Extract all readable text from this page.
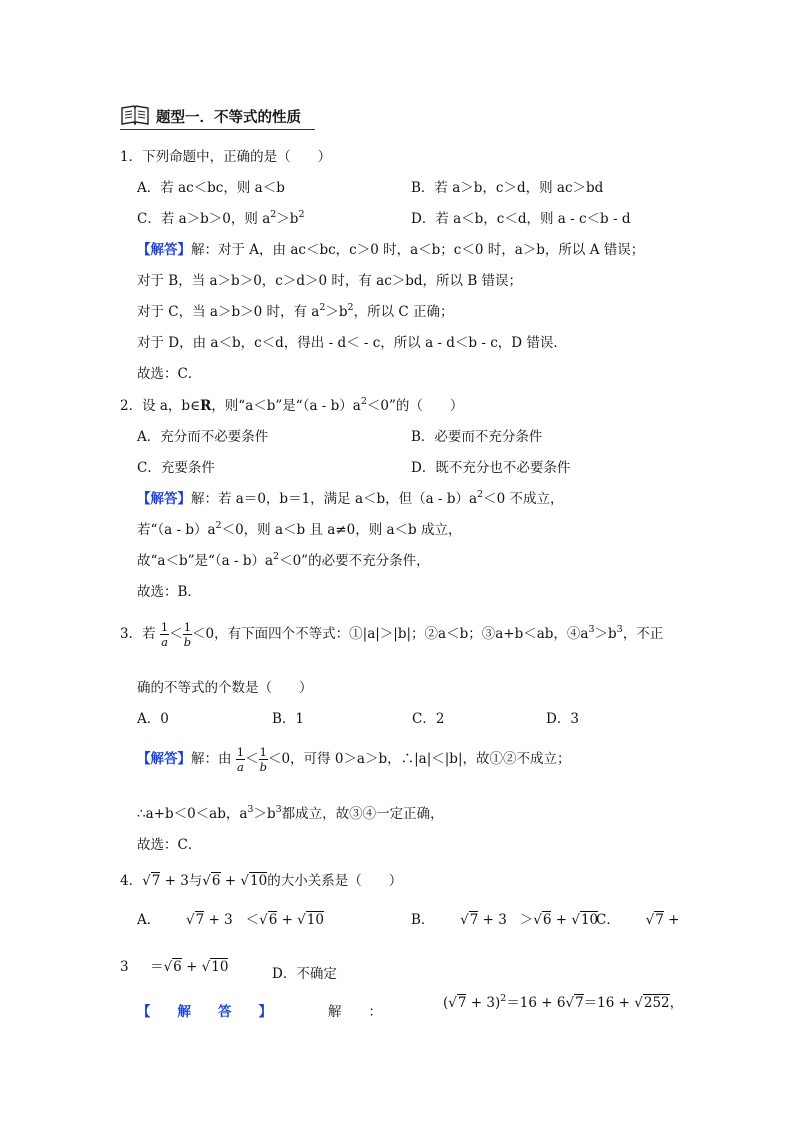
题型一．不等式的性质
1．下列命题中，正确的是（　　）
A．若 ac＜bc，则 a＜b	B．若 a＞b，c＞d，则 ac＞bd
C．若 a＞b＞0，则 $a^2>b^2$	D．若 a＜b，c＜d，则 a - c＜b - d
【解答】解：对于 A，由 ac＜bc，c＞0 时，a＜b；c＜0 时，a＞b，所以 A 错误；
对于 B，当 a＞b＞0，c＞d＞0 时，有 ac＞bd，所以 B 错误；
对于 C，当 a＞b＞0 时，有 $a^2>b^2$，所以 C 正确；
对于 D，由 a＜b，c＜d，得出 - d＜ - c，所以 a - d＜b - c，D 错误．
故选：C．
2．设 a，b∈R，则“a＜b”是“$(a - b)a^2<0$”的（　　）
A．充分而不必要条件	B．必要而不充分条件
C．充要条件	D．既不充分也不必要条件
【解答】解：若 a＝0，b＝1，满足 a＜b，但$(a - b)a^2<0$ 不成立，
若“$(a - b)a^2<0$，则 a＜b 且 a≠0，则 a＜b 成立，
故“a＜b”是“$(a - b)a^2<0$”的必要不充分条件，
故选：B．
3．若 $\frac{1}{a} < \frac{1}{b} <0$，有下面四个不等式：①|a|＞|b|；②a＜b；③a+b＜ab，$④a^3>b^3$，不正
确的不等式的个数是（　　）
A．0	B．1	C．2	D．3
【解答】解：由 $\frac{1}{a} < \frac{1}{b} <0$，可得 0＞a＞b，∴|a|＜|b|，故①②不成立；
∴a+b＜0＜ab，$a^3>b^3$都成立，故③④一定正确，
故选：C．
4．√7 + 3与√6 + √10的大小关系是（　　）
A． √7 + 3 ＜√6 + √10	B． √7 + 3 ＞√6 + √10
C． √7 +
3 ＝√6 + √10	D．不确定
【　　解　　答　　】	解　　：
$(√7 + 3)^2=16 + 6√7=16 + √252$，
